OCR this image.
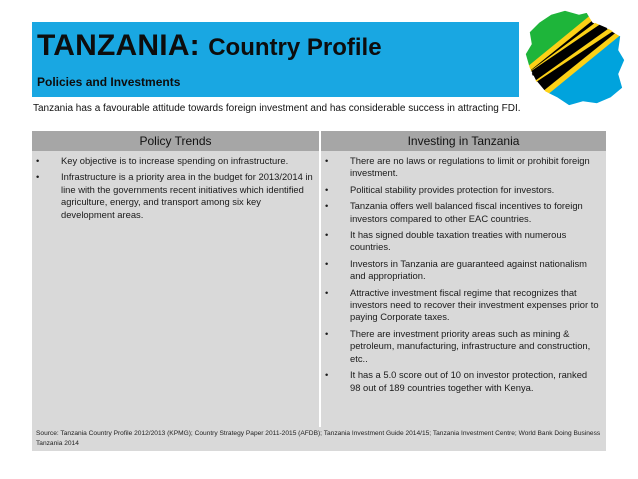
TANZANIA: Country Profile
Policies and Investments
Tanzania has a favourable attitude towards foreign investment and has considerable success in attracting FDI.
Policy Trends	Investing in Tanzania
• Key objective is to increase spending on infrastructure.
• Infrastructure is a priority area in the budget for 2013/2014 in line with the governments recent initiatives which identified agriculture, energy, and transport among six key development areas.
• There are no laws or regulations to limit or prohibit foreign investment.
• Political stability provides protection for investors.
• Tanzania offers well balanced fiscal incentives to foreign investors compared to other EAC countries.
• It has signed double taxation treaties with numerous countries.
• Investors in Tanzania are guaranteed against nationalism and appropriation.
• Attractive investment fiscal regime that recognizes that investors need to recover their investment expenses prior to paying Corporate taxes.
• There are investment priority areas such as mining & petroleum, manufacturing, infrastructure and construction, etc..
• It has a 5.0 score out of 10 on investor protection, ranked 98 out of 189 countries together with Kenya.
Source: Tanzania Country Profile 2012/2013 (KPMG); Country Strategy Paper 2011-2015 (AFDB); Tanzania Investment Guide 2014/15; Tanzania Investment Centre; World Bank Doing Business Tanzania 2014
